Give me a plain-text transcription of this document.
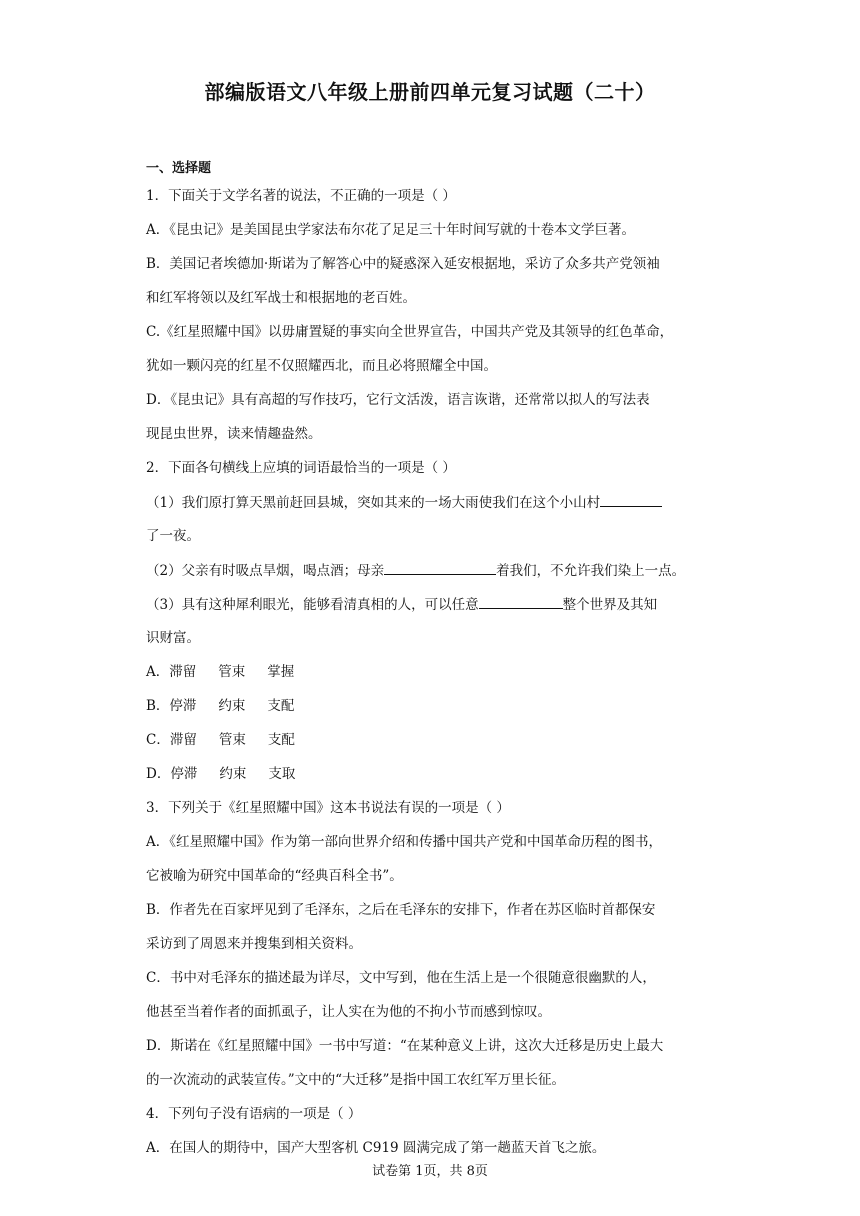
部编版语文八年级上册前四单元复习试题（二十）
一、选择题
1．下面关于文学名著的说法，不正确的一项是（ ）
A．《昆虫记》是美国昆虫学家法布尔花了足足三十年时间写就的十卷本文学巨著。
B．美国记者埃德加·斯诺为了解答心中的疑惑深入延安根据地，采访了众多共产党领袖
和红军将领以及红军战士和根据地的老百姓。
C.《红星照耀中国》以毋庸置疑的事实向全世界宣告，中国共产党及其领导的红色革命，
犹如一颗闪亮的红星不仅照耀西北，而且必将照耀全中国。
D．《昆虫记》具有高超的写作技巧，它行文活泼，语言诙谐，还常常以拟人的写法表
现昆虫世界，读来情趣盎然。
2．下面各句横线上应填的词语最恰当的一项是（ ）
（1）我们原打算天黑前赶回县城，突如其来的一场大雨使我们在这个小山村
了一夜。
（2）父亲有时吸点旱烟，喝点酒；母亲	着我们，不允许我们染上一点。
（3）具有这种犀利眼光，能够看清真相的人，可以任意	整个世界及其知
识财富。
A．滞留 管束 掌握
B．停滞 约束 支配
C．滞留 管束 支配
D．停滞 约束 支取
3．下列关于《红星照耀中国》这本书说法有误的一项是（ ）
A．《红星照耀中国》作为第一部向世界介绍和传播中国共产党和中国革命历程的图书，
它被喻为研究中国革命的“经典百科全书”。
B．作者先在百家坪见到了毛泽东，之后在毛泽东的安排下，作者在苏区临时首都保安
采访到了周恩来并搜集到相关资料。
C．书中对毛泽东的描述最为详尽，文中写到，他在生活上是一个很随意很幽默的人，
他甚至当着作者的面抓虱子，让人实在为他的不拘小节而感到惊叹。
D．斯诺在《红星照耀中国》一书中写道：“在某种意义上讲，这次大迁移是历史上最大
的一次流动的武装宣传。”文中的“大迁移”是指中国工农红军万里长征。
4．下列句子没有语病的一项是（ ）
A．在国人的期待中，国产大型客机 C919 圆满完成了第一趟蓝天首飞之旅。
试卷第 1页，共 8页
